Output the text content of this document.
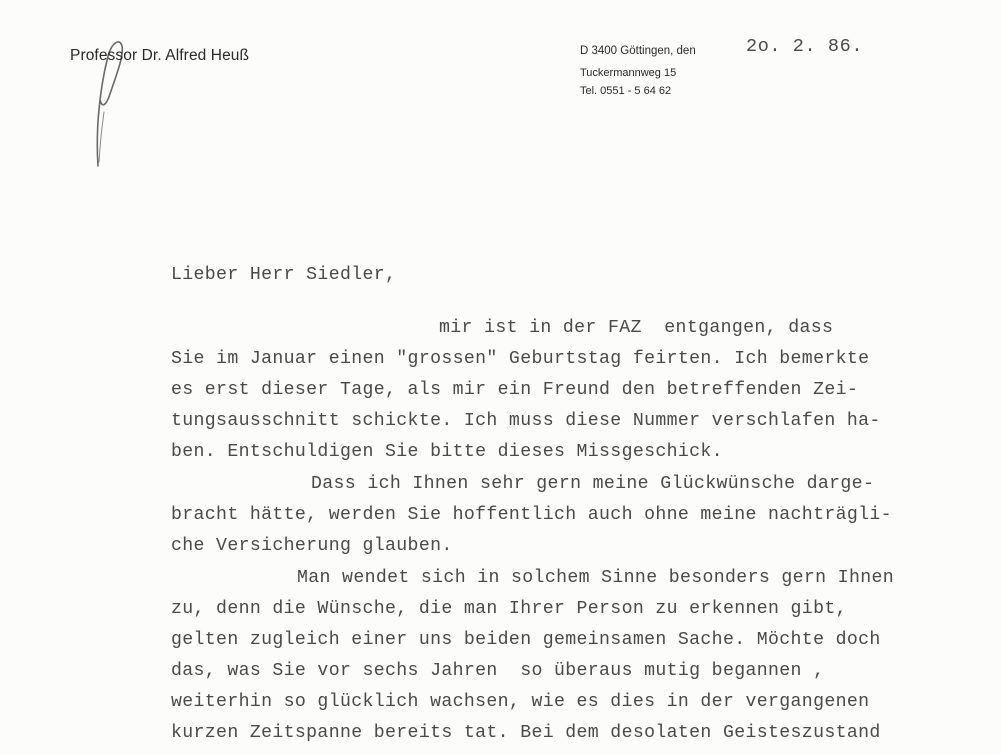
Professor Dr. Alfred Heuß	D 3400 Göttingen, den
Tuckermannweg 15
Tel. 0551 - 5 64 62
2o. 2. 86.
Lieber Herr Siedler,
mir ist in der FAZ  entgangen, dass
Sie im Januar einen "grossen" Geburtstag feirten. Ich bemerkte
es erst dieser Tage, als mir ein Freund den betreffenden Zei-
tungsausschnitt schickte. Ich muss diese Nummer verschlafen ha-
ben. Entschuldigen Sie bitte dieses Missgeschick.
Dass ich Ihnen sehr gern meine Glückwünsche darge-
bracht hätte, werden Sie hoffentlich auch ohne meine nachträgli-
che Versicherung glauben.
Man wendet sich in solchem Sinne besonders gern Ihnen
zu, denn die Wünsche, die man Ihrer Person zu erkennen gibt,
gelten zugleich einer uns beiden gemeinsamen Sache. Möchte doch
das, was Sie vor sechs Jahren  so überaus mutig begannen ,
weiterhin so glücklich wachsen, wie es dies in der vergangenen
kurzen Zeitspanne bereits tat. Bei dem desolaten Geisteszustand
